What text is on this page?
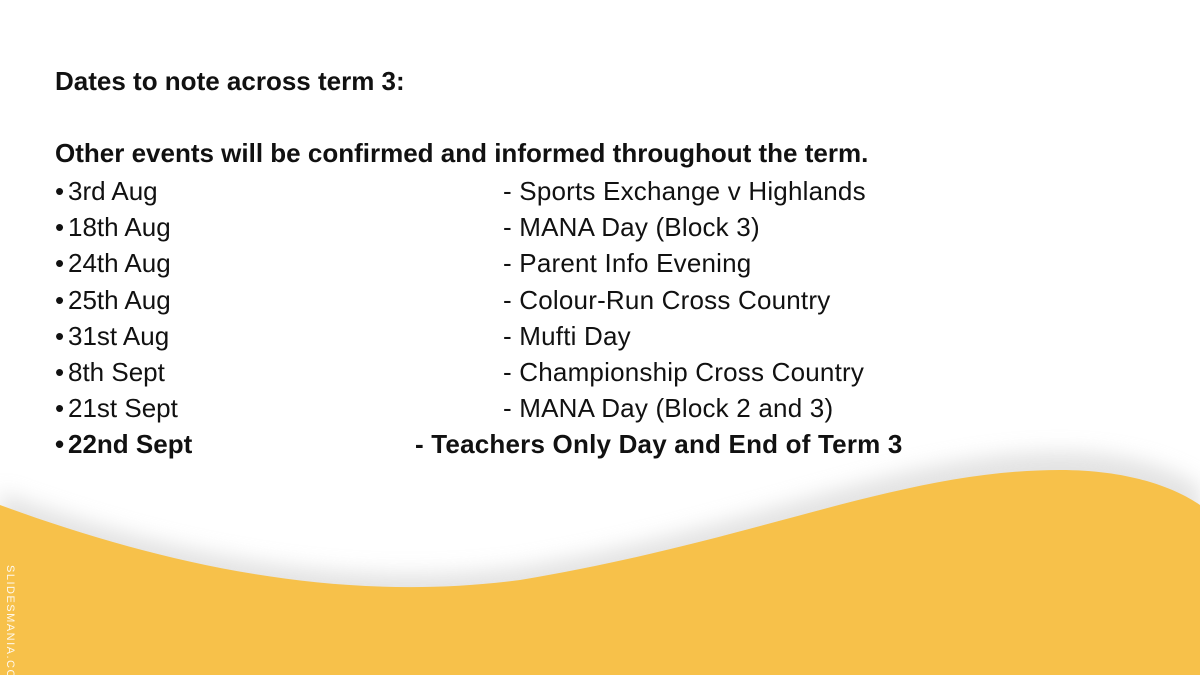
Dates to note across term 3:

Other events will be confirmed and informed throughout the term.

• 3rd Aug	- Sports Exchange v Highlands
• 18th Aug	- MANA Day (Block 3)
• 24th Aug	- Parent Info Evening
• 25th Aug	- Colour-Run Cross Country
• 31st Aug	- Mufti Day
• 8th Sept	- Championship Cross Country
• 21st Sept	- MANA Day (Block 2 and 3)
• 22nd Sept	- Teachers Only Day and End of Term 3
SLIDESMANIA.COM
